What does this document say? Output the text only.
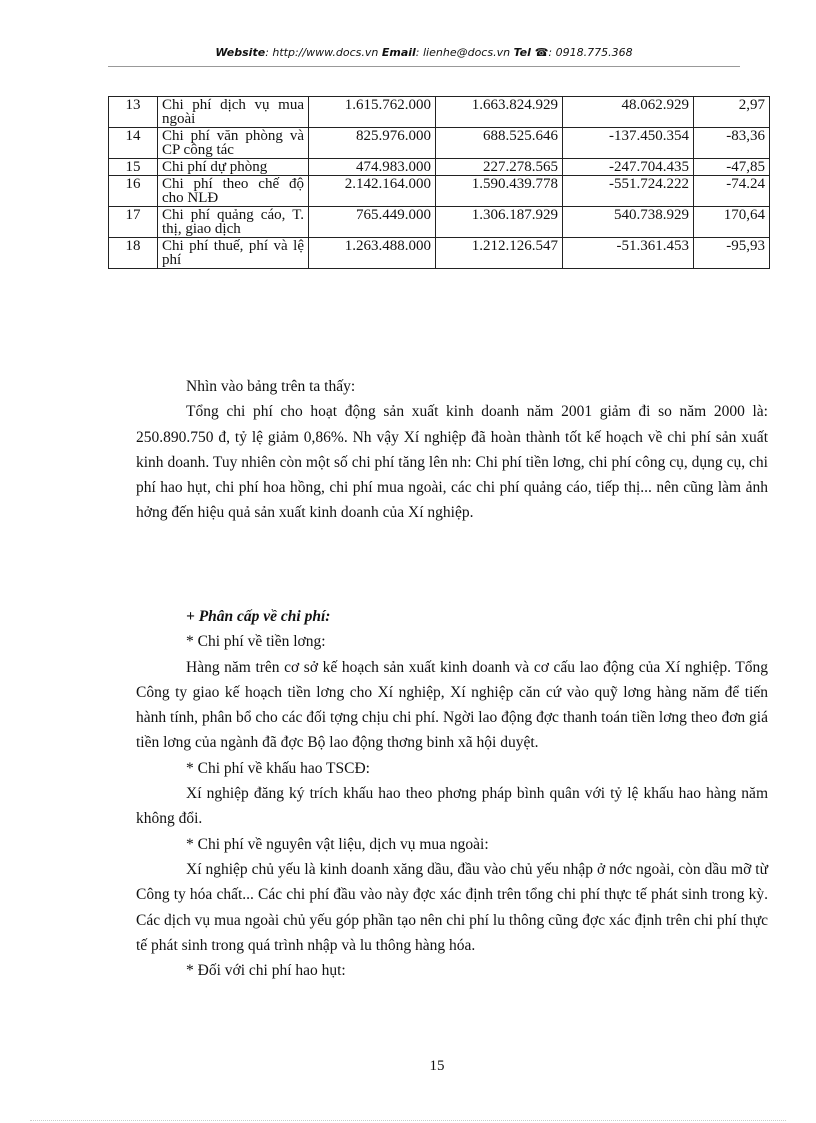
Website: http://www.docs.vn Email: lienhe@docs.vn Tel ☎: 0918.775.368
13	Chi phí dịch vụ mua ngoài	1.615.762.000	1.663.824.929	48.062.929	2,97
14	Chi phí văn phòng và CP công tác	825.976.000	688.525.646	-137.450.354	-83,36
15	Chi phí dự phòng	474.983.000	227.278.565	-247.704.435	-47,85
16	Chi phí theo chế độ cho NLĐ	2.142.164.000	1.590.439.778	-551.724.222	-74.24
17	Chi phí quảng cáo, T. thị, giao dịch	765.449.000	1.306.187.929	540.738.929	170,64
18	Chi phí thuế, phí và lệ phí	1.263.488.000	1.212.126.547	-51.361.453	-95,93

Nhìn vào bảng trên ta thấy:

Tổng chi phí cho hoạt động sản xuất kinh doanh năm 2001 giảm đi so năm 2000 là: 250.890.750 đ, tỷ lệ giảm 0,86%. Nh vậy Xí nghiệp đã hoàn thành tốt kế hoạch về chi phí sản xuất kinh doanh. Tuy nhiên còn một số chi phí tăng lên nh: Chi phí tiền lơng, chi phí công cụ, dụng cụ, chi phí hao hụt, chi phí hoa hồng, chi phí mua ngoài, các chi phí quảng cáo, tiếp thị... nên cũng làm ảnh hởng đến hiệu quả sản xuất kinh doanh của Xí nghiệp.

+ Phân cấp về chi phí:

* Chi phí về tiền lơng:

Hàng năm trên cơ sở kế hoạch sản xuất kinh doanh và cơ cấu lao động của Xí nghiệp. Tổng Công ty giao kế hoạch tiền lơng cho Xí nghiệp, Xí nghiệp căn cứ vào quỹ lơng hàng năm để tiến hành tính, phân bổ cho các đối tợng chịu chi phí. Ngời lao động đợc thanh toán tiền lơng theo đơn giá tiền lơng của ngành đã đợc Bộ lao động thơng binh xã hội duyệt.

* Chi phí về khấu hao TSCĐ:

Xí nghiệp đăng ký trích khấu hao theo phơng pháp bình quân với tỷ lệ khấu hao hàng năm không đổi.

* Chi phí về nguyên vật liệu, dịch vụ mua ngoài:

Xí nghiệp chủ yếu là kinh doanh xăng dầu, đầu vào chủ yếu nhập ở nớc ngoài, còn dầu mỡ từ Công ty hóa chất... Các chi phí đầu vào này đợc xác định trên tổng chi phí thực tế phát sinh trong kỳ. Các dịch vụ mua ngoài chủ yếu góp phần tạo nên chi phí lu thông cũng đợc xác định trên chi phí thực tế phát sinh trong quá trình nhập và lu thông hàng hóa.

* Đối với chi phí hao hụt:

15
